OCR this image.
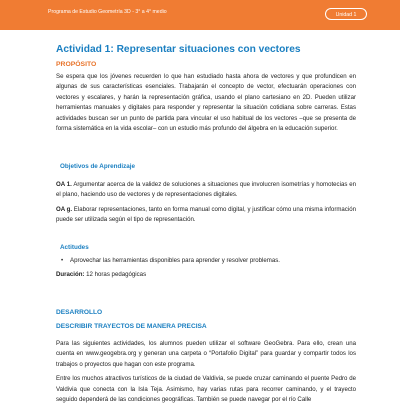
Programa de Estudio Geometría 3D - 3° a 4° medio	Unidad 1
Actividad 1: Representar situaciones con vectores
PROPÓSITO

Se espera que los jóvenes recuerden lo que han estudiado hasta ahora de vectores y que profundicen en algunas de sus características esenciales. Trabajarán el concepto de vector, efectuarán operaciones con vectores y escalares, y harán la representación gráfica, usando el plano cartesiano en 2D. Pueden utilizar herramientas manuales y digitales para responder y representar la situación cotidiana sobre carreras. Estas actividades buscan ser un punto de partida para vincular el uso habitual de los vectores –que se presenta de forma sistemática en la vida escolar– con un estudio más profundo del álgebra en la educación superior.

Objetivos de Aprendizaje

OA 1. Argumentar acerca de la validez de soluciones a situaciones que involucren isometrías y homotecias en el plano, haciendo uso de vectores y de representaciones digitales.

OA g. Elaborar representaciones, tanto en forma manual como digital, y justificar cómo una misma información puede ser utilizada según el tipo de representación.

Actitudes
•	Aprovechar las herramientas disponibles para aprender y resolver problemas.

Duración: 12 horas pedagógicas

DESARROLLO
DESCRIBIR TRAYECTOS DE MANERA PRECISA

Para las siguientes actividades, los alumnos pueden utilizar el software GeoGebra. Para ello, crean una cuenta en www.geogebra.org y generan una carpeta o “Portafolio Digital” para guardar y compartir todos los trabajos o proyectos que hagan con este programa.

Entre los muchos atractivos turísticos de la ciudad de Valdivia, se puede cruzar caminando el puente Pedro de Valdivia que conecta con la Isla Teja. Asimismo, hay varias rutas para recorrer caminando, y el trayecto seguido dependerá de las condiciones geográficas. También se puede navegar por el río Calle
